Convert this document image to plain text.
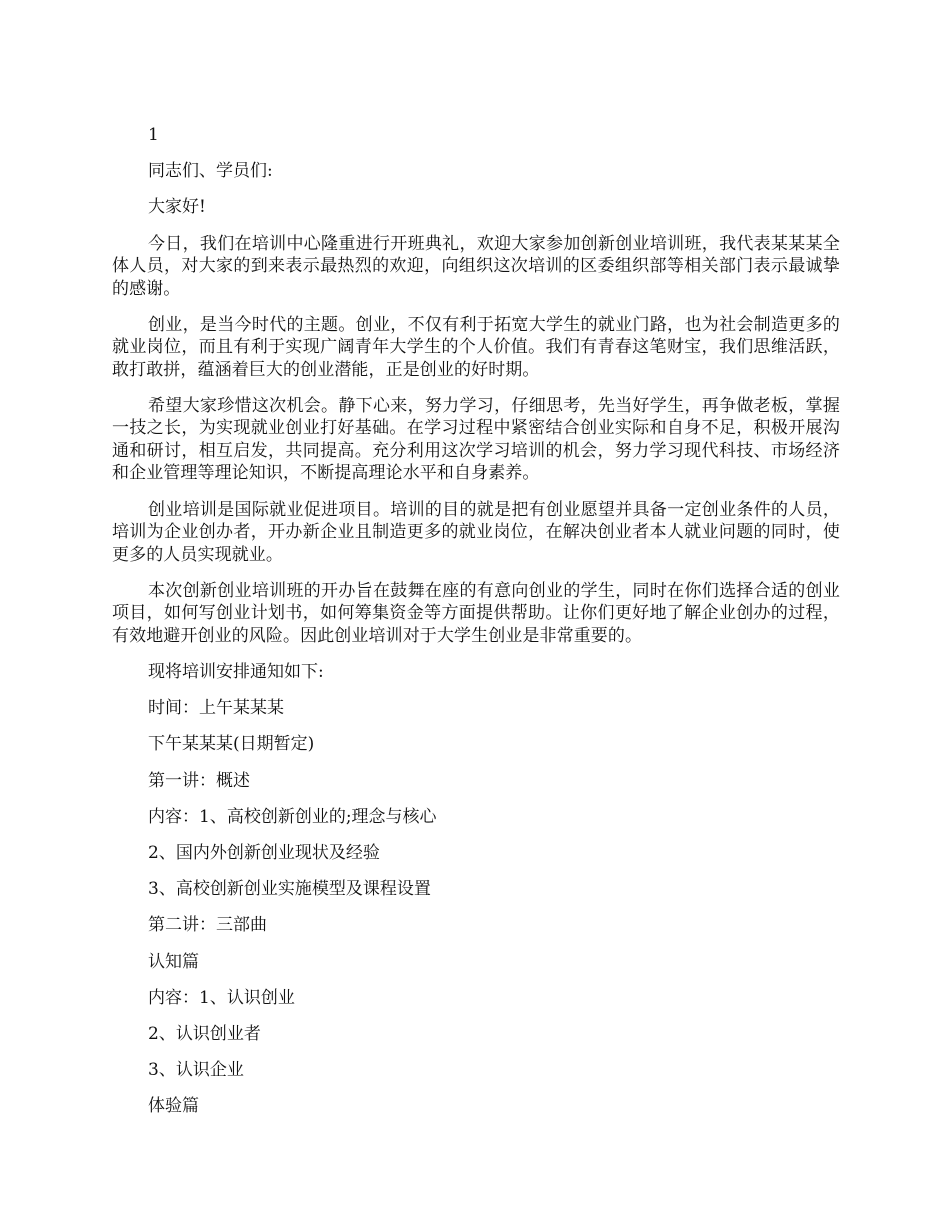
1
同志们、学员们:
大家好!
今日，我们在培训中心隆重进行开班典礼，欢迎大家参加创新创业培训班，我代表某某某全体人员，对大家的到来表示最热烈的欢迎，向组织这次培训的区委组织部等相关部门表示最诚挚的感谢。
创业，是当今时代的主题。创业，不仅有利于拓宽大学生的就业门路，也为社会制造更多的就业岗位，而且有利于实现广阔青年大学生的个人价值。我们有青春这笔财宝，我们思维活跃，敢打敢拼，蕴涵着巨大的创业潜能，正是创业的好时期。
希望大家珍惜这次机会。静下心来，努力学习，仔细思考，先当好学生，再争做老板，掌握一技之长，为实现就业创业打好基础。在学习过程中紧密结合创业实际和自身不足，积极开展沟通和研讨，相互启发，共同提高。充分利用这次学习培训的机会，努力学习现代科技、市场经济和企业管理等理论知识，不断提高理论水平和自身素养。
创业培训是国际就业促进项目。培训的目的就是把有创业愿望并具备一定创业条件的人员，培训为企业创办者，开办新企业且制造更多的就业岗位，在解决创业者本人就业问题的同时，使更多的人员实现就业。
本次创新创业培训班的开办旨在鼓舞在座的有意向创业的学生，同时在你们选择合适的创业项目，如何写创业计划书，如何筹集资金等方面提供帮助。让你们更好地了解企业创办的过程，有效地避开创业的风险。因此创业培训对于大学生创业是非常重要的。
现将培训安排通知如下:
时间：上午某某某
下午某某某(日期暂定)
第一讲：概述
内容：1、高校创新创业的;理念与核心
2、国内外创新创业现状及经验
3、高校创新创业实施模型及课程设置
第二讲：三部曲
认知篇
内容：1、认识创业
2、认识创业者
3、认识企业
体验篇
